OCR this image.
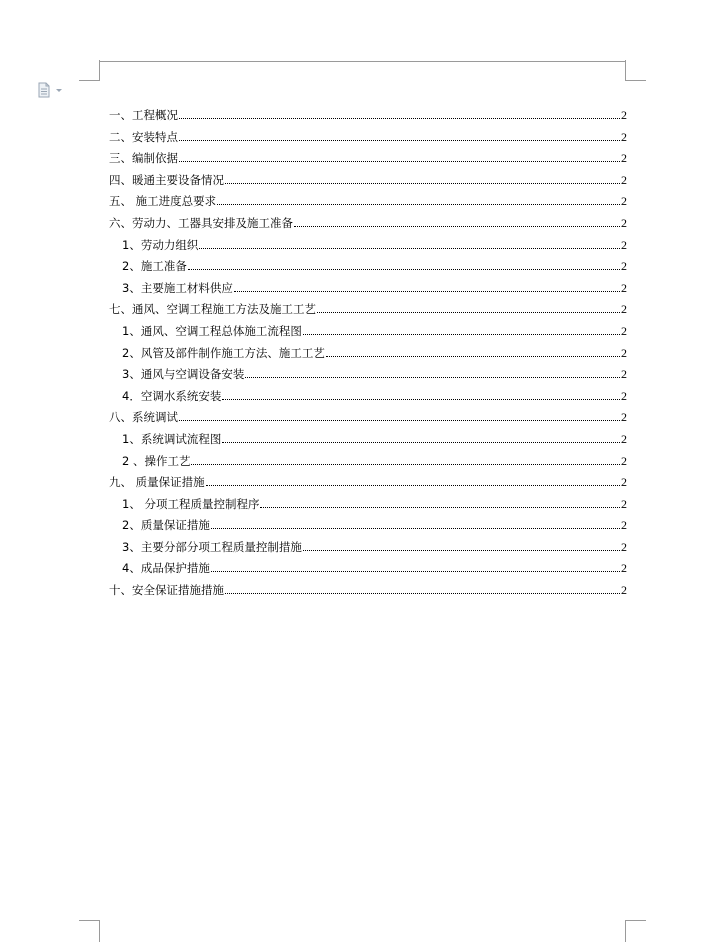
一、工程概况	2
二、安装特点	2
三、编制依据	2
四、暖通主要设备情况	2
五、 施工进度总要求	2
六、劳动力、工器具安排及施工准备	2
1、劳动力组织	2
2、施工准备	2
3、主要施工材料供应	2
七、通风、空调工程施工方法及施工工艺	2
1、通风、空调工程总体施工流程图	2
2、风管及部件制作施工方法、施工工艺	2
3、通风与空调设备安装	2
4．空调水系统安装	2
八、系统调试	2
1、系统调试流程图	2
2 、操作工艺	2
九、 质量保证措施	2
1、 分项工程质量控制程序	2
2、质量保证措施	2
3、主要分部分项工程质量控制措施	2
4、成品保护措施	2
十、安全保证措施措施	2
